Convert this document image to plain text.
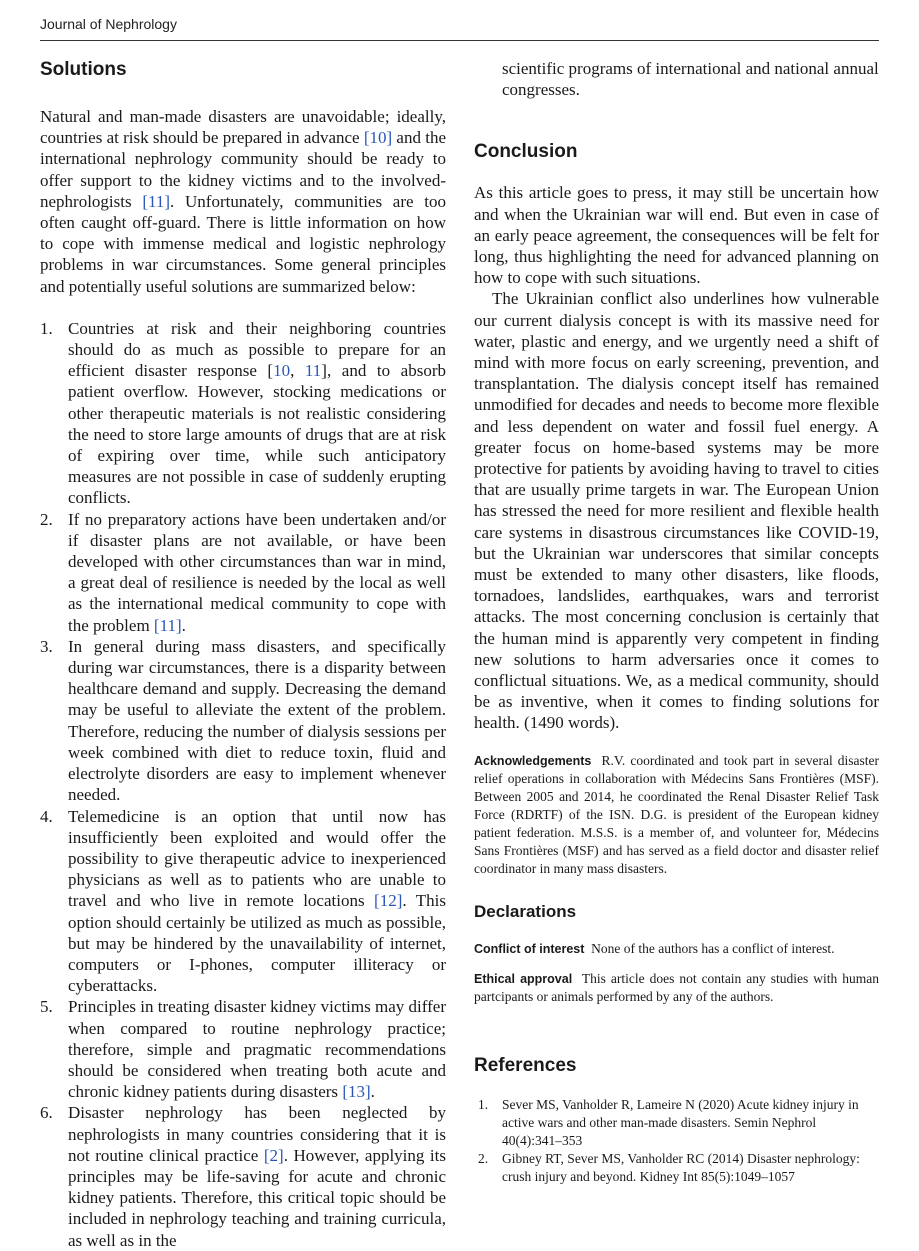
Journal of Nephrology
Solutions

Natural and man-made disasters are unavoidable; ideally, countries at risk should be prepared in advance [10] and the international nephrology community should be ready to offer support to the kidney victims and to the involved-nephrologists [11]. Unfortunately, communities are too often caught off-guard. There is little information on how to cope with immense medical and logistic nephrology problems in war circumstances. Some general principles and potentially useful solutions are summarized below:

1. Countries at risk and their neighboring countries should do as much as possible to prepare for an efficient disaster response [10, 11], and to absorb patient overflow. However, stocking medications or other therapeutic materials is not realistic considering the need to store large amounts of drugs that are at risk of expiring over time, while such anticipatory measures are not possible in case of suddenly erupting conflicts.
2. If no preparatory actions have been undertaken and/or if disaster plans are not available, or have been developed with other circumstances than war in mind, a great deal of resilience is needed by the local as well as the international medical community to cope with the problem [11].
3. In general during mass disasters, and specifically during war circumstances, there is a disparity between healthcare demand and supply. Decreasing the demand may be useful to alleviate the extent of the problem. Therefore, reducing the number of dialysis sessions per week combined with diet to reduce toxin, fluid and electrolyte disorders are easy to implement whenever needed.
4. Telemedicine is an option that until now has insufficiently been exploited and would offer the possibility to give therapeutic advice to inexperienced physicians as well as to patients who are unable to travel and who live in remote locations [12]. This option should certainly be utilized as much as possible, but may be hindered by the unavailability of internet, computers or I-phones, computer illiteracy or cyberattacks.
5. Principles in treating disaster kidney victims may differ when compared to routine nephrology practice; therefore, simple and pragmatic recommendations should be considered when treating both acute and chronic kidney patients during disasters [13].
6. Disaster nephrology has been neglected by nephrologists in many countries considering that it is not routine clinical practice [2]. However, applying its principles may be life-saving for acute and chronic kidney patients. Therefore, this critical topic should be included in nephrology teaching and training curricula, as well as in the
scientific programs of international and national annual congresses.
Conclusion

As this article goes to press, it may still be uncertain how and when the Ukrainian war will end. But even in case of an early peace agreement, the consequences will be felt for long, thus highlighting the need for advanced planning on how to cope with such situations.

The Ukrainian conflict also underlines how vulnerable our current dialysis concept is with its massive need for water, plastic and energy, and we urgently need a shift of mind with more focus on early screening, prevention, and transplantation. The dialysis concept itself has remained unmodified for decades and needs to become more flexible and less dependent on water and fossil fuel energy. A greater focus on home-based systems may be more protective for patients by avoiding having to travel to cities that are usually prime targets in war. The European Union has stressed the need for more resilient and flexible health care systems in disastrous circumstances like COVID-19, but the Ukrainian war underscores that similar concepts must be extended to many other disasters, like floods, tornadoes, landslides, earthquakes, wars and terrorist attacks. The most concerning conclusion is certainly that the human mind is apparently very competent in finding new solutions to harm adversaries once it comes to conflictual situations. We, as a medical community, should be as inventive, when it comes to finding solutions for health. (1490 words).

Acknowledgements R.V. coordinated and took part in several disaster relief operations in collaboration with Médecins Sans Frontières (MSF). Between 2005 and 2014, he coordinated the Renal Disaster Relief Task Force (RDRTF) of the ISN. D.G. is president of the European kidney patient federation. M.S.S. is a member of, and volunteer for, Médecins Sans Frontières (MSF) and has served as a field doctor and disaster relief coordinator in many mass disasters.

Declarations

Conflict of interest None of the authors has a conflict of interest.

Ethical approval This article does not contain any studies with human partcipants or animals performed by any of the authors.

References
1. Sever MS, Vanholder R, Lameire N (2020) Acute kidney injury in active wars and other man-made disasters. Semin Nephrol 40(4):341–353
2. Gibney RT, Sever MS, Vanholder RC (2014) Disaster nephrology: crush injury and beyond. Kidney Int 85(5):1049–1057
